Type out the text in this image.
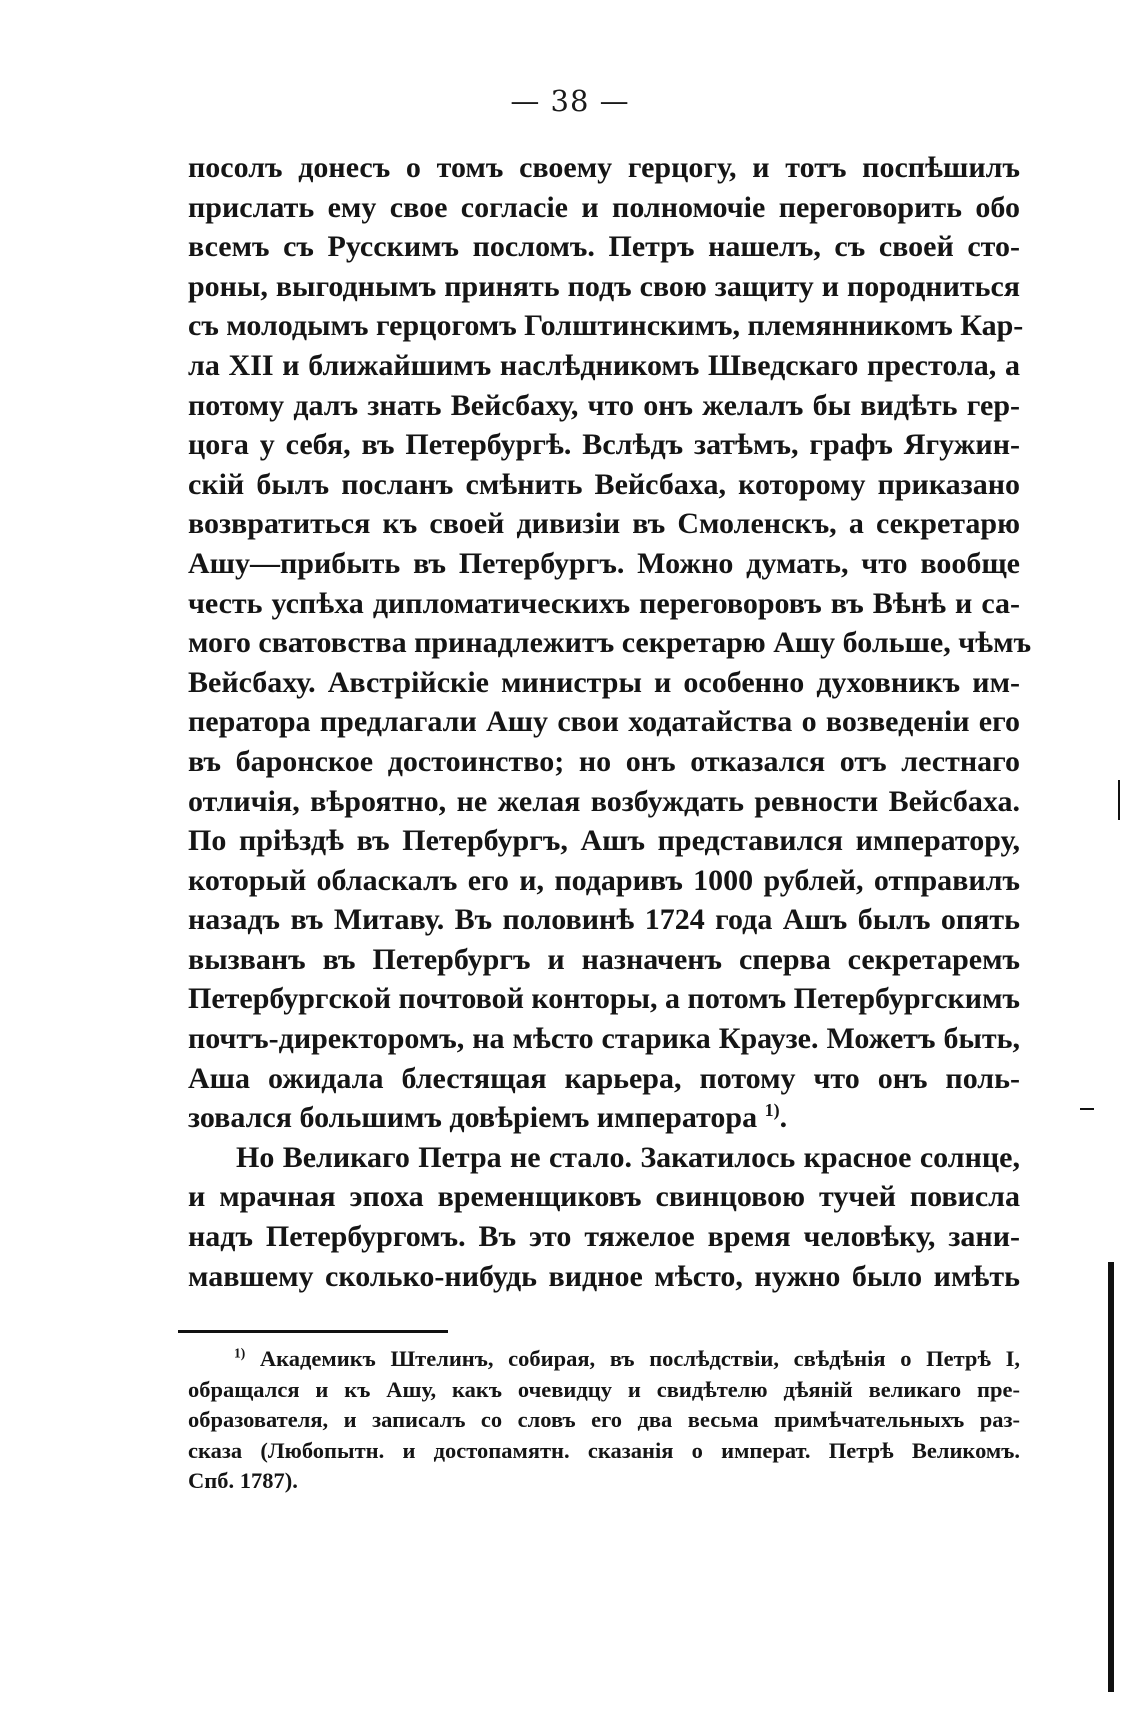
— 38 —
посолъ донесъ о томъ своему герцогу, и тотъ поспѣшилъ
прислать ему свое согласіе и полномочіе переговорить обо
всемъ съ Русскимъ посломъ. Петръ нашелъ, съ своей сто-
роны, выгоднымъ принять подъ свою защиту и породниться
съ молодымъ герцогомъ Голштинскимъ, племянникомъ Кар-
ла XII и ближайшимъ наслѣдникомъ Шведскаго престола, а
потому далъ знать Вейсбаху, что онъ желалъ бы видѣть гер-
цога у себя, въ Петербургѣ. Вслѣдъ затѣмъ, графъ Ягужин-
скій былъ посланъ смѣнить Вейсбаха, которому приказано
возвратиться къ своей дивизіи въ Смоленскъ, а секретарю
Ашу—прибыть въ Петербургъ. Можно думать, что вообще
честь успѣха дипломатическихъ переговоровъ въ Вѣнѣ и са-
мого сватовства принадлежитъ секретарю Ашу больше, чѣмъ
Вейсбаху. Австрійскіе министры и особенно духовникъ им-
ператора предлагали Ашу свои ходатайства о возведеніи его
въ баронское достоинство; но онъ отказался отъ лестнаго
отличія, вѣроятно, не желая возбуждать ревности Вейсбаха.
По пріѣздѣ въ Петербургъ, Ашъ представился императору,
который обласкалъ его и, подаривъ 1000 рублей, отправилъ
назадъ въ Митаву. Въ половинѣ 1724 года Ашъ былъ опять
вызванъ въ Петербургъ и назначенъ сперва секретаремъ
Петербургской почтовой конторы, а потомъ Петербургскимъ
почтъ-директоромъ, на мѣсто старика Краузе. Можетъ быть,
Аша ожидала блестящая карьера, потому что онъ поль-
зовался большимъ довѣріемъ императора $^{1)}$.
Но Великаго Петра не стало. Закатилось красное солнце,
и мрачная эпоха временщиковъ свинцовою тучей повисла
надъ Петербургомъ. Въ это тяжелое время человѣку, зани-
мавшему сколько-нибудь видное мѣсто, нужно было имѣть
$^{1)}$ Академикъ Штелинъ, собирая, въ послѣдствіи, свѣдѣнія о Петрѣ I,
обращался и къ Ашу, какъ очевидцу и свидѣтелю дѣяній великаго пре-
образователя, и записалъ со словъ его два весьма примѣчательныхъ раз-
сказа (Любопытн. и достопамятн. сказанія о императ. Петрѣ Великомъ.
Спб. 1787).
